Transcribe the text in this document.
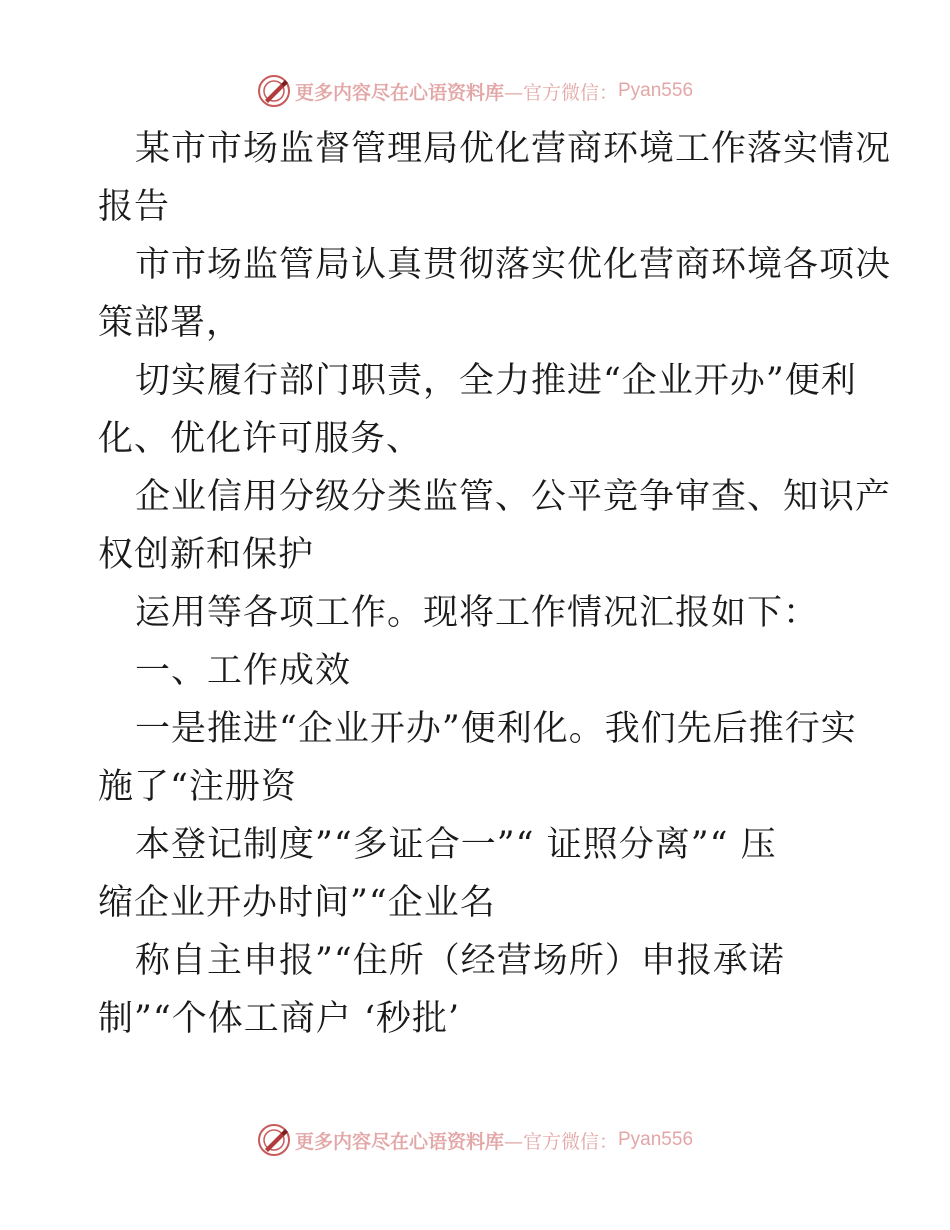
更多内容尽在心语资料库 —官方微信： Pyan556

某市市场监督管理局优化营商环境工作落实情况

报告

市市场监管局认真贯彻落实优化营商环境各项决

策部署，

切实履行部门职责，全力推进“企业开办”便利

化、优化许可服务、

企业信用分级分类监管、公平竞争审查、知识产

权创新和保护

运用等各项工作。现将工作情况汇报如下：

一、工作成效

一是推进“企业开办”便利化。我们先后推行实

施了“注册资

本登记制度”“多证合一”“ 证照分离”“ 压

缩企业开办时间”“企业名

称自主申报”“住所（经营场所）申报承诺

制”“个体工商户 ‘秒批’

更多内容尽在心语资料库 —官方微信： Pyan556
